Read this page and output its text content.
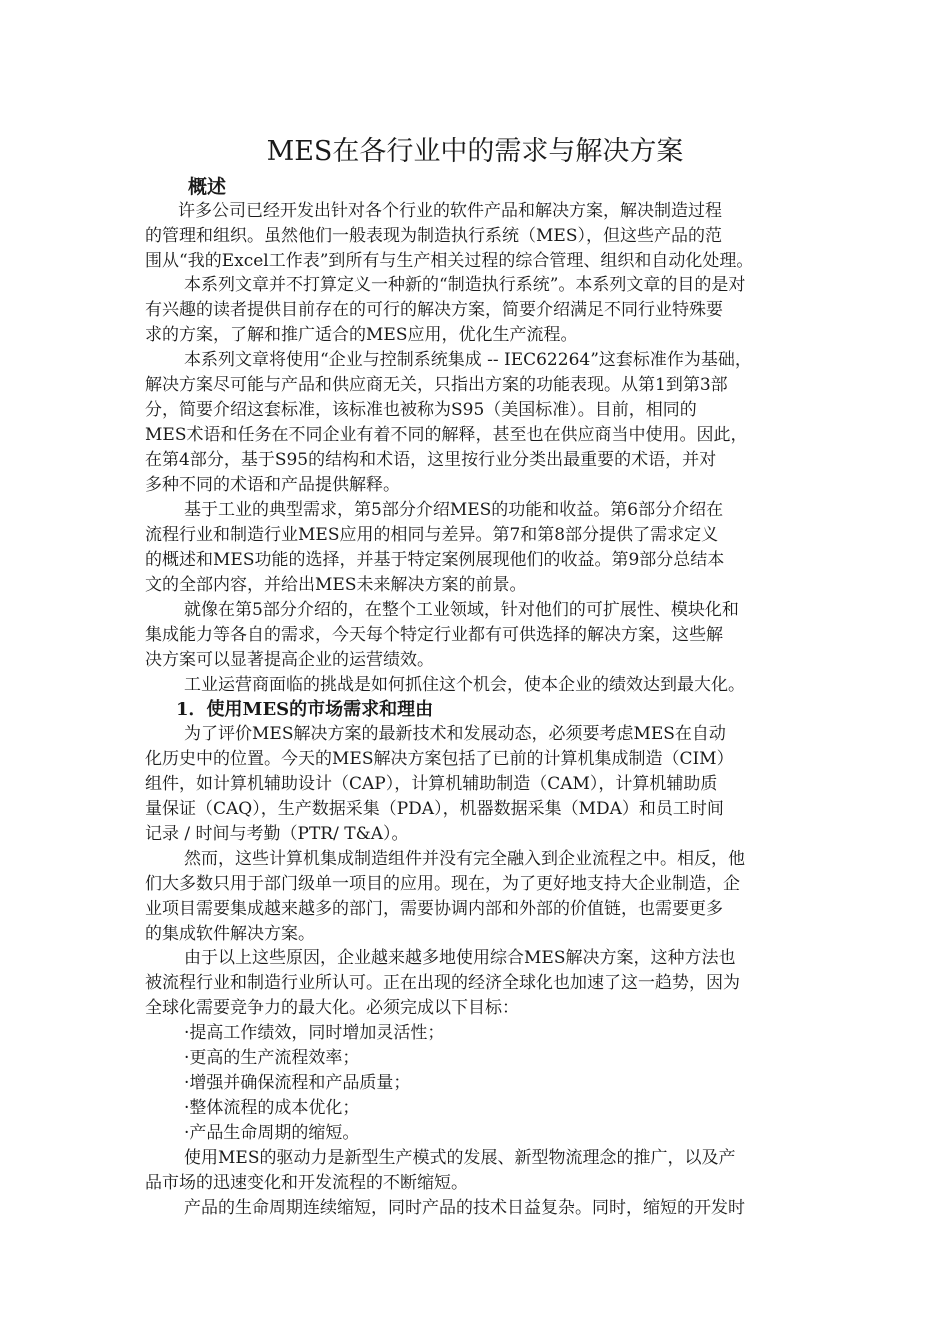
MES在各行业中的需求与解决方案
概述

许多公司已经开发出针对各个行业的软件产品和解决方案，解决制造过程

的管理和组织。虽然他们一般表现为制造执行系统（MES），但这些产品的范

围从“我的Excel工作表”到所有与生产相关过程的综合管理、组织和自动化处理。

本系列文章并不打算定义一种新的“制造执行系统”。本系列文章的目的是对

有兴趣的读者提供目前存在的可行的解决方案，简要介绍满足不同行业特殊要

求的方案，了解和推广适合的MES应用，优化生产流程。

本系列文章将使用“企业与控制系统集成 -- IEC62264”这套标准作为基础，

解决方案尽可能与产品和供应商无关，只指出方案的功能表现。从第1到第3部

分，简要介绍这套标准，该标准也被称为S95（美国标准）。目前，相同的

MES术语和任务在不同企业有着不同的解释，甚至也在供应商当中使用。因此，

在第4部分，基于S95的结构和术语，这里按行业分类出最重要的术语，并对

多种不同的术语和产品提供解释。

基于工业的典型需求，第5部分介绍MES的功能和收益。第6部分介绍在

流程行业和制造行业MES应用的相同与差异。第7和第8部分提供了需求定义

的概述和MES功能的选择，并基于特定案例展现他们的收益。第9部分总结本

文的全部内容，并给出MES未来解决方案的前景。

就像在第5部分介绍的，在整个工业领域，针对他们的可扩展性、模块化和

集成能力等各自的需求，今天每个特定行业都有可供选择的解决方案，这些解

决方案可以显著提高企业的运营绩效。

工业运营商面临的挑战是如何抓住这个机会，使本企业的绩效达到最大化。

1．使用MES的市场需求和理由

为了评价MES解决方案的最新技术和发展动态，必须要考虑MES在自动

化历史中的位置。今天的MES解决方案包括了已前的计算机集成制造（CIM）

组件，如计算机辅助设计（CAP），计算机辅助制造（CAM），计算机辅助质

量保证（CAQ），生产数据采集（PDA），机器数据采集（MDA）和员工时间

记录 / 时间与考勤（PTR/ T&A）。

然而，这些计算机集成制造组件并没有完全融入到企业流程之中。相反，他

们大多数只用于部门级单一项目的应用。现在，为了更好地支持大企业制造，企

业项目需要集成越来越多的部门，需要协调内部和外部的价值链，也需要更多

的集成软件解决方案。

由于以上这些原因，企业越来越多地使用综合MES解决方案，这种方法也

被流程行业和制造行业所认可。正在出现的经济全球化也加速了这一趋势，因为

全球化需要竞争力的最大化。必须完成以下目标：

·提高工作绩效，同时增加灵活性；

·更高的生产流程效率；

·增强并确保流程和产品质量；

·整体流程的成本优化；

·产品生命周期的缩短。

使用MES的驱动力是新型生产模式的发展、新型物流理念的推广，以及产

品市场的迅速变化和开发流程的不断缩短。

产品的生命周期连续缩短，同时产品的技术日益复杂。同时，缩短的开发时
